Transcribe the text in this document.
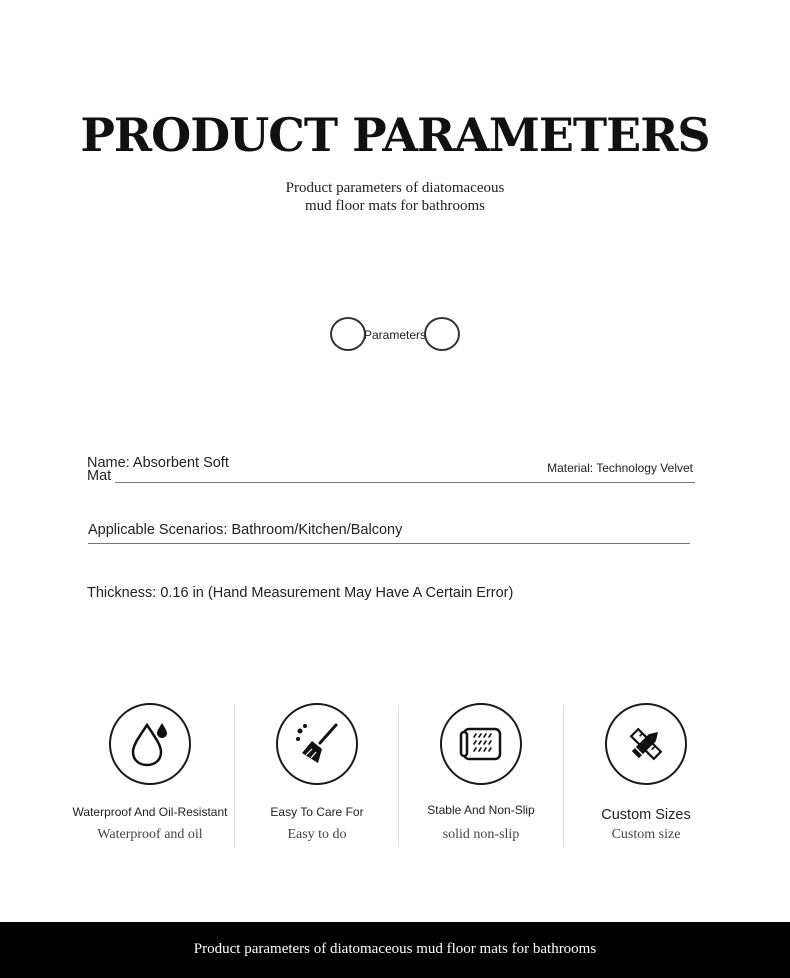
PRODUCT PARAMETERS
Product parameters of diatomaceous
mud floor mats for bathrooms
Parameters
Name: Absorbent Soft Mat	Material: Technology Velvet
Applicable Scenarios: Bathroom/Kitchen/Balcony
Thickness: 0.16 in (Hand Measurement May Have A Certain Error)
Waterproof And Oil-Resistant
Waterproof and oil
Easy To Care For
Easy to do
Stable And Non-Slip
solid non-slip
Custom Sizes
Custom size
Product parameters of diatomaceous mud floor mats for bathrooms
